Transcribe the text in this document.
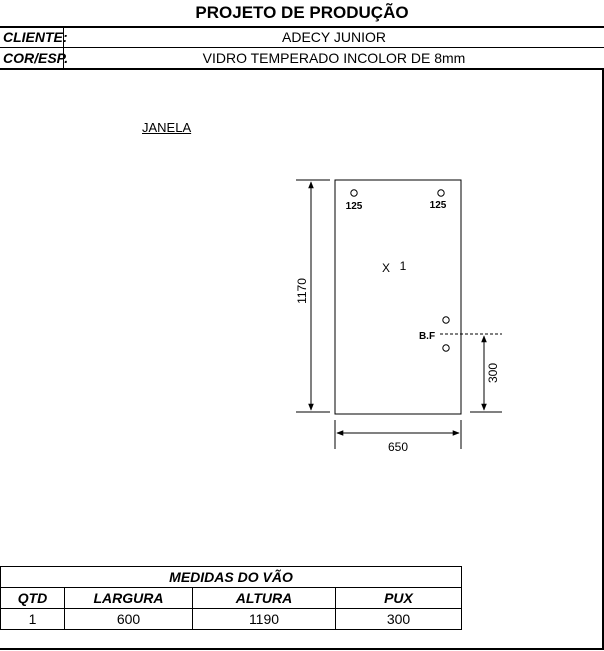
PROJETO DE PRODUÇÃO
CLIENTE:	ADECY JUNIOR
COR/ESP.	VIDRO TEMPERADO INCOLOR DE 8mm
JANELA
125	125
X 1
B.F
1170
300
650
MEDIDAS DO VÃO			
QTD	LARGURA	ALTURA	PUX
1	600	1190	300
